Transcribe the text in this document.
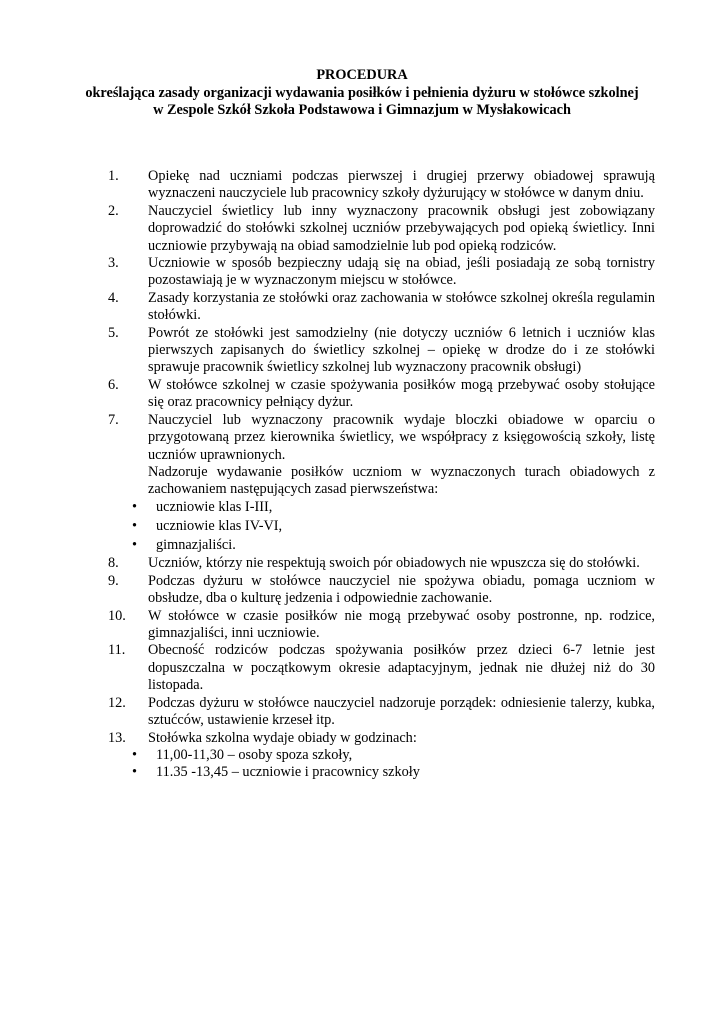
PROCEDURA
określająca zasady organizacji wydawania posiłków i pełnienia dyżuru w stołówce szkolnej
w Zespole Szkół Szkoła Podstawowa i Gimnazjum w Mysłakowicach
1.	Opiekę nad uczniami podczas pierwszej i drugiej przerwy obiadowej sprawują wyznaczeni nauczyciele lub pracownicy szkoły dyżurujący w stołówce w danym dniu.
2.	Nauczyciel świetlicy lub inny wyznaczony pracownik obsługi jest zobowiązany doprowadzić do stołówki szkolnej uczniów przebywających pod opieką świetlicy. Inni uczniowie przybywają na obiad samodzielnie lub pod opieką rodziców.
3.	Uczniowie w sposób bezpieczny udają się na obiad, jeśli posiadają ze sobą tornistry pozostawiają je w wyznaczonym miejscu w stołówce.
4.	Zasady korzystania ze stołówki oraz zachowania w stołówce szkolnej określa regulamin stołówki.
5.	Powrót ze stołówki jest samodzielny (nie dotyczy uczniów 6 letnich i uczniów klas pierwszych zapisanych do świetlicy szkolnej – opiekę w drodze do i ze stołówki sprawuje pracownik świetlicy szkolnej lub wyznaczony pracownik obsługi)
6.	W stołówce szkolnej w czasie spożywania posiłków mogą przebywać osoby stołujące się oraz pracownicy pełniący dyżur.
7.	Nauczyciel lub wyznaczony pracownik wydaje bloczki obiadowe w oparciu o przygotowaną przez kierownika świetlicy, we współpracy z księgowością szkoły, listę uczniów uprawnionych.
Nadzoruje wydawanie posiłków uczniom w wyznaczonych turach obiadowych z zachowaniem następujących zasad pierwszeństwa:
• uczniowie klas I-III,
• uczniowie klas IV-VI,
• gimnazjaliści.
8.	Uczniów, którzy nie respektują swoich pór obiadowych nie wpuszcza się do stołówki.
9.	Podczas dyżuru w stołówce nauczyciel nie spożywa obiadu, pomaga uczniom w obsłudze, dba o kulturę jedzenia i odpowiednie zachowanie.
10.	W stołówce w czasie posiłków nie mogą przebywać osoby postronne, np. rodzice, gimnazjaliści, inni uczniowie.
11.	Obecność rodziców podczas spożywania posiłków przez dzieci 6-7 letnie jest dopuszczalna w początkowym okresie adaptacyjnym, jednak nie dłużej niż do 30 listopada.
12.	Podczas dyżuru w stołówce nauczyciel nadzoruje porządek: odniesienie talerzy, kubka, sztućców, ustawienie krzeseł itp.
13.	Stołówka szkolna wydaje obiady w godzinach:
• 11,00-11,30 – osoby spoza szkoły,
• 11.35 -13,45 – uczniowie i pracownicy szkoły
